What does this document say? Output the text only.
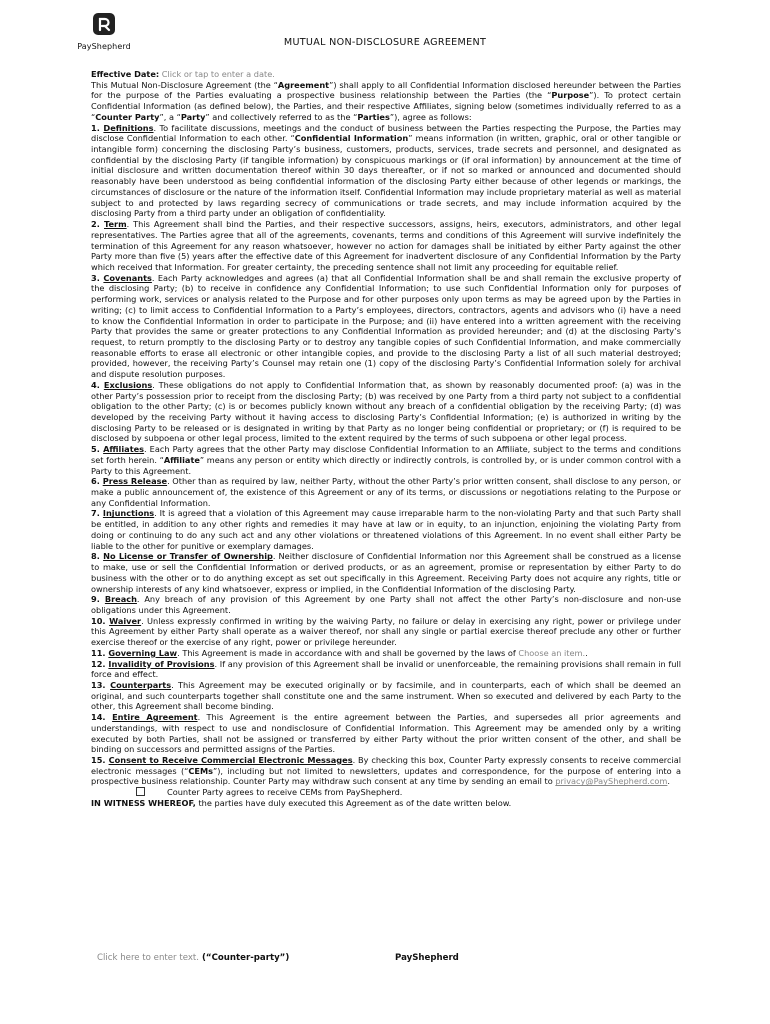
PayShepherd	MUTUAL NON-DISCLOSURE AGREEMENT

Effective Date: Click or tap to enter a date.

This Mutual Non-Disclosure Agreement (the “Agreement”) shall apply to all Confidential Information disclosed hereunder between the Parties for the purpose of the Parties evaluating a prospective business relationship between the Parties (the “Purpose”). To protect certain Confidential Information (as defined below), the Parties, and their respective Affiliates, signing below (sometimes individually referred to as a “Counter Party”, a “Party” and collectively referred to as the “Parties”), agree as follows:

1. Definitions. To facilitate discussions, meetings and the conduct of business between the Parties respecting the Purpose, the Parties may disclose Confidential Information to each other. “Confidential Information” means information (in written, graphic, oral or other tangible or intangible form) concerning the disclosing Party’s business, customers, products, services, trade secrets and personnel, and designated as confidential by the disclosing Party (if tangible information) by conspicuous markings or (if oral information) by announcement at the time of initial disclosure and written documentation thereof within 30 days thereafter, or if not so marked or announced and documented should reasonably have been understood as being confidential information of the disclosing Party either because of other legends or markings, the circumstances of disclosure or the nature of the information itself. Confidential Information may include proprietary material as well as material subject to and protected by laws regarding secrecy of communications or trade secrets, and may include information acquired by the disclosing Party from a third party under an obligation of confidentiality.

2. Term. This Agreement shall bind the Parties, and their respective successors, assigns, heirs, executors, administrators, and other legal representatives. The Parties agree that all of the agreements, covenants, terms and conditions of this Agreement will survive indefinitely the termination of this Agreement for any reason whatsoever, however no action for damages shall be initiated by either Party against the other Party more than five (5) years after the effective date of this Agreement for inadvertent disclosure of any Confidential Information by the Party which received that Information. For greater certainty, the preceding sentence shall not limit any proceeding for equitable relief.

3. Covenants. Each Party acknowledges and agrees (a) that all Confidential Information shall be and shall remain the exclusive property of the disclosing Party; (b) to receive in confidence any Confidential Information; to use such Confidential Information only for purposes of performing work, services or analysis related to the Purpose and for other purposes only upon terms as may be agreed upon by the Parties in writing; (c) to limit access to Confidential Information to a Party’s employees, directors, contractors, agents and advisors who (i) have a need to know the Confidential Information in order to participate in the Purpose; and (ii) have entered into a written agreement with the receiving Party that provides the same or greater protections to any Confidential Information as provided hereunder; and (d) at the disclosing Party’s request, to return promptly to the disclosing Party or to destroy any tangible copies of such Confidential Information, and make commercially reasonable efforts to erase all electronic or other intangible copies, and provide to the disclosing Party a list of all such material destroyed; provided, however, the receiving Party’s Counsel may retain one (1) copy of the disclosing Party’s Confidential Information solely for archival and dispute resolution purposes.

4. Exclusions. These obligations do not apply to Confidential Information that, as shown by reasonably documented proof: (a) was in the other Party’s possession prior to receipt from the disclosing Party; (b) was received by one Party from a third party not subject to a confidential obligation to the other Party; (c) is or becomes publicly known without any breach of a confidential obligation by the receiving Party; (d) was developed by the receiving Party without it having access to disclosing Party’s Confidential Information; (e) is authorized in writing by the disclosing Party to be released or is designated in writing by that Party as no longer being confidential or proprietary; or (f) is required to be disclosed by subpoena or other legal process, limited to the extent required by the terms of such subpoena or other legal process.

5. Affiliates. Each Party agrees that the other Party may disclose Confidential Information to an Affiliate, subject to the terms and conditions set forth herein. “Affiliate” means any person or entity which directly or indirectly controls, is controlled by, or is under common control with a Party to this Agreement.

6. Press Release. Other than as required by law, neither Party, without the other Party’s prior written consent, shall disclose to any person, or make a public announcement of, the existence of this Agreement or any of its terms, or discussions or negotiations relating to the Purpose or any Confidential Information.

7. Injunctions. It is agreed that a violation of this Agreement may cause irreparable harm to the non-violating Party and that such Party shall be entitled, in addition to any other rights and remedies it may have at law or in equity, to an injunction, enjoining the violating Party from doing or continuing to do any such act and any other violations or threatened violations of this Agreement. In no event shall either Party be liable to the other for punitive or exemplary damages.

8. No License or Transfer of Ownership. Neither disclosure of Confidential Information nor this Agreement shall be construed as a license to make, use or sell the Confidential Information or derived products, or as an agreement, promise or representation by either Party to do business with the other or to do anything except as set out specifically in this Agreement. Receiving Party does not acquire any rights, title or ownership interests of any kind whatsoever, express or implied, in the Confidential Information of the disclosing Party.

9. Breach. Any breach of any provision of this Agreement by one Party shall not affect the other Party’s non-disclosure and non-use obligations under this Agreement.

10. Waiver. Unless expressly confirmed in writing by the waiving Party, no failure or delay in exercising any right, power or privilege under this Agreement by either Party shall operate as a waiver thereof, nor shall any single or partial exercise thereof preclude any other or further exercise thereof or the exercise of any right, power or privilege hereunder.

11. Governing Law. This Agreement is made in accordance with and shall be governed by the laws of Choose an item..

12. Invalidity of Provisions. If any provision of this Agreement shall be invalid or unenforceable, the remaining provisions shall remain in full force and effect.

13. Counterparts. This Agreement may be executed originally or by facsimile, and in counterparts, each of which shall be deemed an original, and such counterparts together shall constitute one and the same instrument. When so executed and delivered by each Party to the other, this Agreement shall become binding.

14. Entire Agreement. This Agreement is the entire agreement between the Parties, and supersedes all prior agreements and understandings, with respect to use and nondisclosure of Confidential Information. This Agreement may be amended only by a writing executed by both Parties, shall not be assigned or transferred by either Party without the prior written consent of the other, and shall be binding on successors and permitted assigns of the Parties.

15. Consent to Receive Commercial Electronic Messages. By checking this box, Counter Party expressly consents to receive commercial electronic messages (“CEMs”), including but not limited to newsletters, updates and correspondence, for the purpose of entering into a prospective business relationship. Counter Party may withdraw such consent at any time by sending an email to privacy@PayShepherd.com.

Counter Party agrees to receive CEMs from PayShepherd.

IN WITNESS WHEREOF, the parties have duly executed this Agreement as of the date written below.

Click here to enter text. (“Counter-party”)	PayShepherd
